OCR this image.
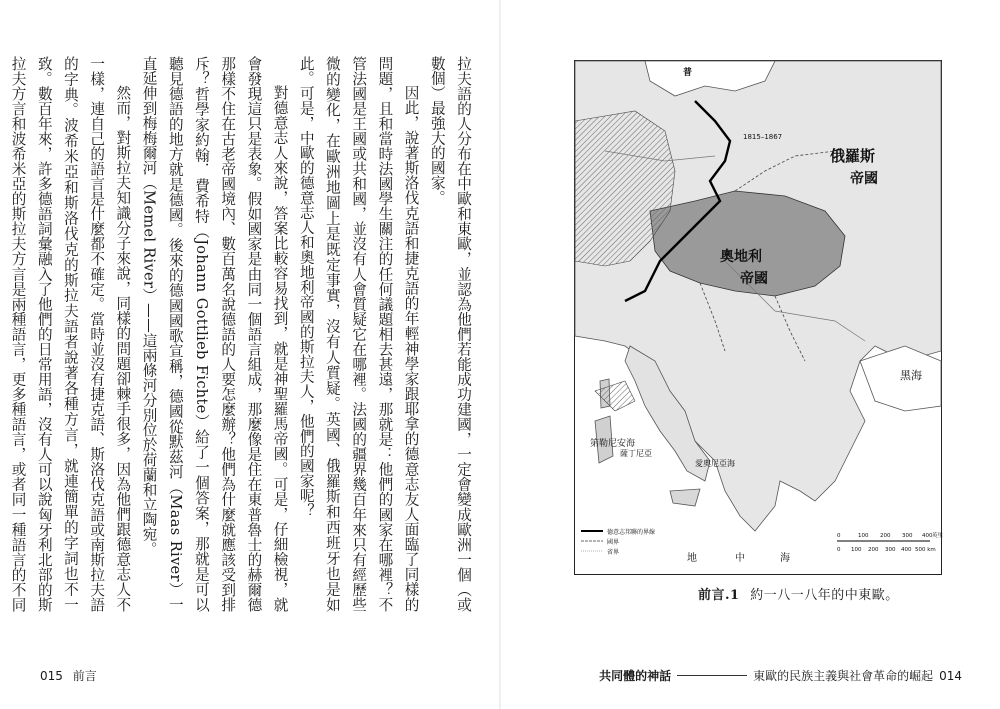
拉夫語的人分布在中歐和東歐，並認為他們若能成功建國，一定會變成歐洲一個（或數個）最強大的國家。

因此，說著斯洛伐克語和捷克語的年輕神學家跟耶拿的德意志友人面臨了同樣的問題，且和當時法國學生關注的任何議題相去甚遠，那就是：他們的國家在哪裡？不管法國是王國或共和國，並沒有人會質疑它在哪裡。法國的疆界幾百年來只有經歷些微的變化，在歐洲地圖上是既定事實，沒有人質疑。英國、俄羅斯和西班牙也是如此。可是，中歐的德意志人和奧地利帝國的斯拉夫人，他們的國家呢？

對德意志人來說，答案比較容易找到，就是神聖羅馬帝國。可是，仔細檢視，就會發現這只是表象。假如國家是由同一個語言組成，那麼像是住在東普魯士的赫爾德那樣不住在古老帝國境內、數百萬名說德語的人要怎麼辦？他們為什麼就應該受到排斥？哲學家約翰．費希特（Johann Gottlieb Fichte）給了一個答案，那就是可以聽見德語的地方就是德國。後來的德國國歌宣稱，德國從默茲河（Maas River）一直延伸到梅梅爾河（Memel River）——這兩條河分別位於荷蘭和立陶宛。

然而，對斯拉夫知識分子來說，同樣的問題卻棘手很多，因為他們跟德意志人不一樣，連自己的語言是什麼都不確定。當時並沒有捷克語、斯洛伐克語或南斯拉夫語的字典。波希米亞和斯洛伐克的斯拉夫語者說著各種方言，就連簡單的字詞也不一致。數百年來，許多德語詞彙融入了他們的日常用語，沒有人可以說匈牙利北部的斯拉夫方言和波希米亞的斯拉夫方言是兩種語言，更多種語言，或者同一種語言的不同

015 前言
俄羅斯
帝國
奧地利
帝國
黑海
第勒尼安海
薩丁尼亞
愛奧尼亞海
普
1815–1867
地	中	海
德意志邦聯的界線
國界
省界
0	100 200 300 400 英里
0 100 200 300 400 500 km
前言.1 約一八一八年的中東歐。
共同體的神話	東歐的民族主義與社會革命的崛起 014
